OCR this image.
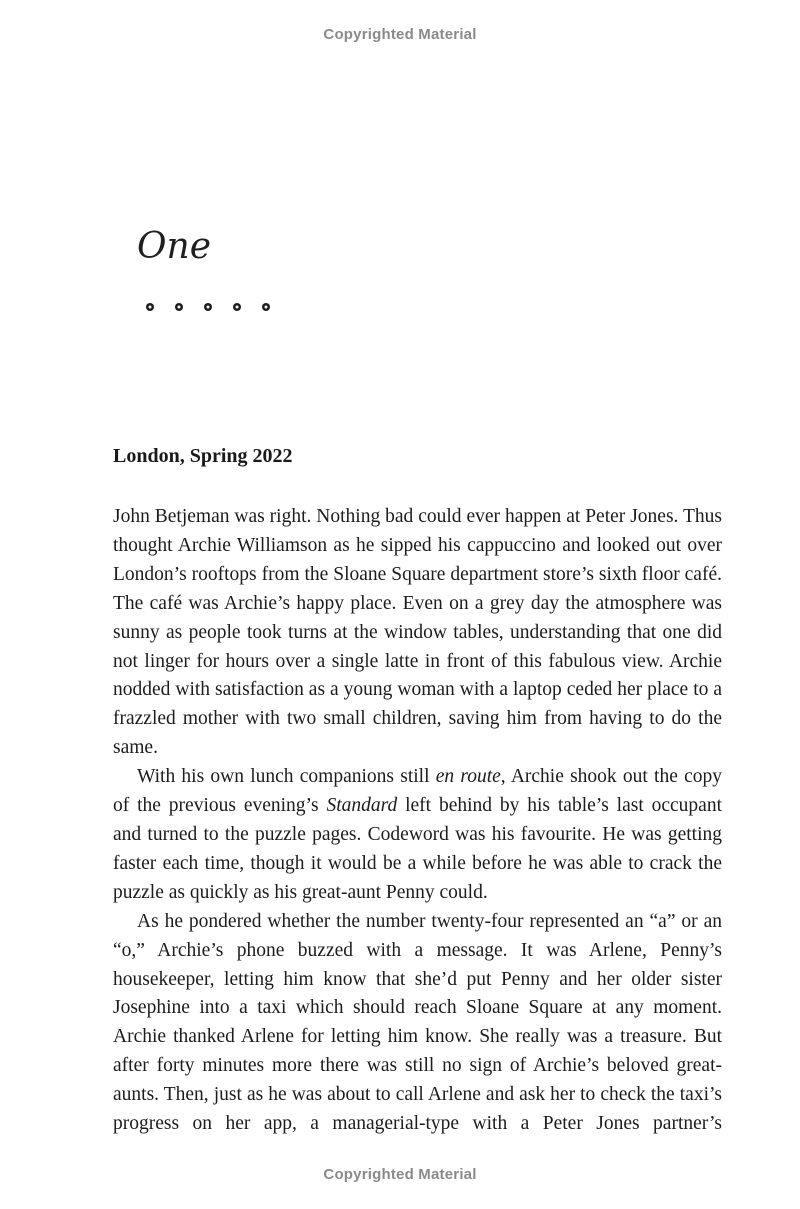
Copyrighted Material
One
London, Spring 2022

John Betjeman was right. Nothing bad could ever happen at Peter Jones. Thus thought Archie Williamson as he sipped his cappuccino and looked out over London’s rooftops from the Sloane Square department store’s sixth floor café. The café was Archie’s happy place. Even on a grey day the atmosphere was sunny as people took turns at the window tables, understanding that one did not linger for hours over a single latte in front of this fabulous view. Archie nodded with satisfaction as a young woman with a laptop ceded her place to a frazzled mother with two small children, saving him from having to do the same.

With his own lunch companions still en route, Archie shook out the copy of the previous evening’s Standard left behind by his table’s last occupant and turned to the puzzle pages. Codeword was his favourite. He was getting faster each time, though it would be a while before he was able to crack the puzzle as quickly as his great-aunt Penny could.

As he pondered whether the number twenty-four represented an “a” or an “o,” Archie’s phone buzzed with a message. It was Arlene, Penny’s housekeeper, letting him know that she’d put Penny and her older sister Josephine into a taxi which should reach Sloane Square at any moment. Archie thanked Arlene for letting him know. She really was a treasure. But after forty minutes more there was still no sign of Archie’s beloved great-aunts. Then, just as he was about to call Arlene and ask her to check the taxi’s progress on her app, a managerial-type with a Peter Jones partner’s

Copyrighted Material
